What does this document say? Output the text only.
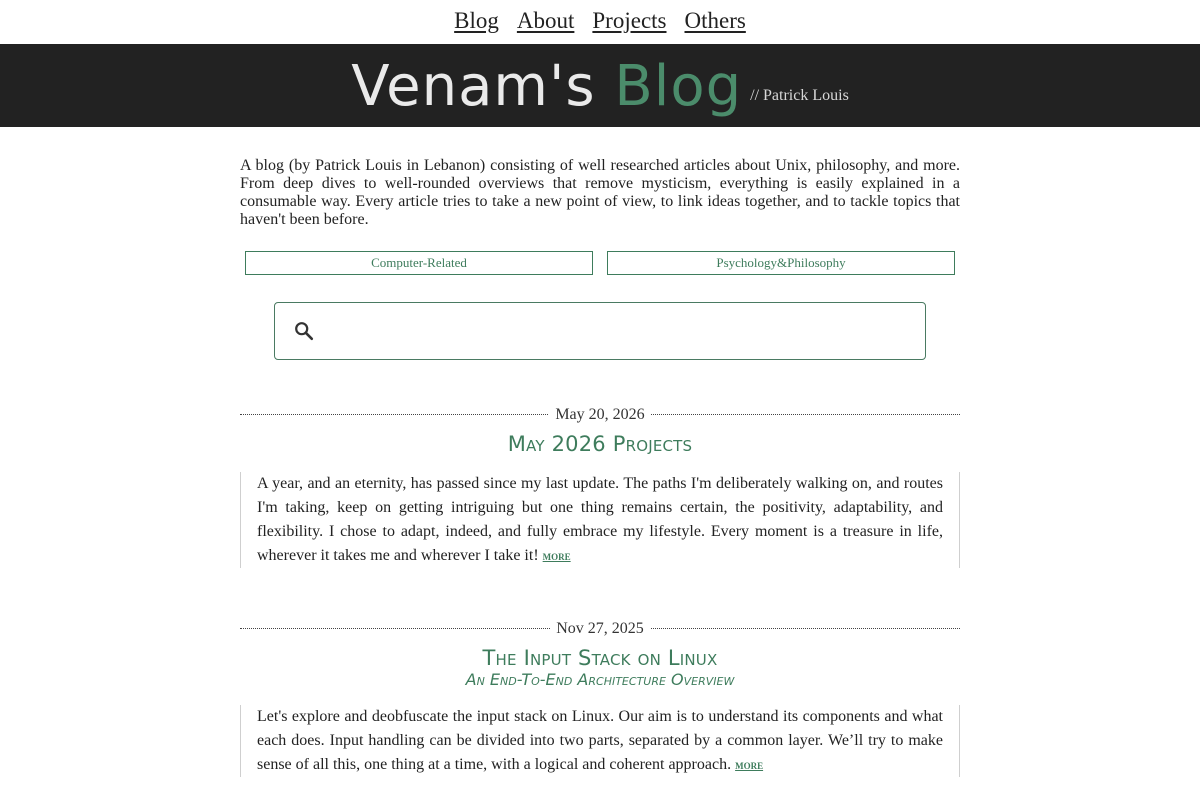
Blog About Projects Others
Venam's Blog // Patrick Louis

A blog (by Patrick Louis in Lebanon) consisting of well researched articles about Unix, philosophy, and more. From deep dives to well-rounded overviews that remove mysticism, everything is easily explained in a consumable way. Every article tries to take a new point of view, to link ideas together, and to tackle topics that haven't been before.

Computer-Related	Psychology&Philosophy
May 20, 2026
May 2026 Projects
A year, and an eternity, has passed since my last update. The paths I'm deliberately walking on, and routes I'm taking, keep on getting intriguing but one thing remains certain, the positivity, adaptability, and flexibility. I chose to adapt, indeed, and fully embrace my lifestyle. Every moment is a treasure in life, wherever it takes me and wherever I take it! more
Nov 27, 2025
The Input Stack on Linux
An End-To-End Architecture Overview
Let's explore and deobfuscate the input stack on Linux. Our aim is to understand its components and what each does. Input handling can be divided into two parts, separated by a common layer. We’ll try to make sense of all this, one thing at a time, with a logical and coherent approach. more
